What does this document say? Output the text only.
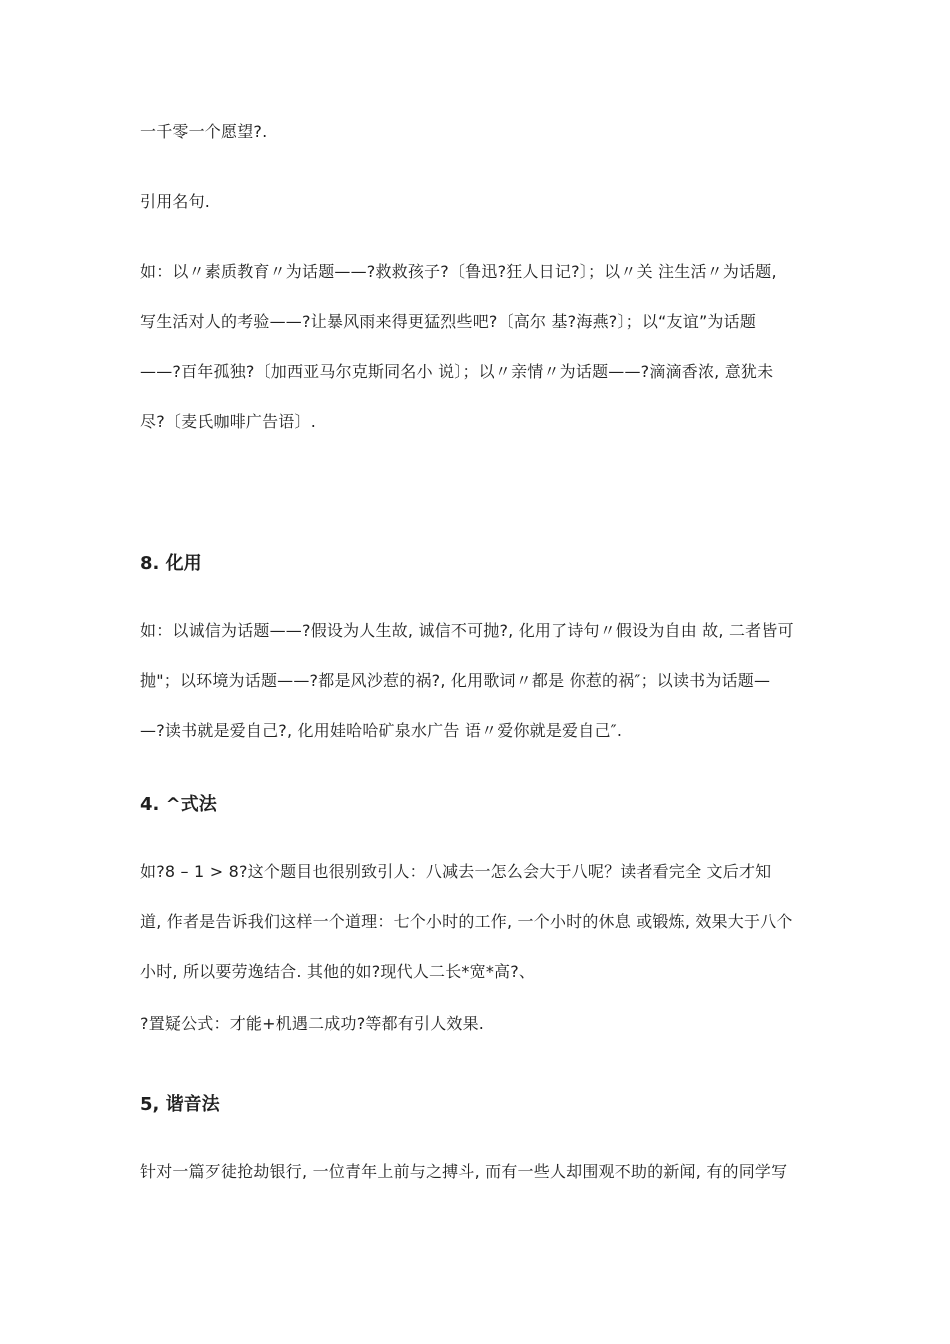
一千零一个愿望?.
引用名句.
如：以〃素质教育〃为话题——?救救孩子?〔鲁迅?狂人日记?〕；以〃关 注生活〃为话题,
写生活对人的考验——?让暴风雨来得更猛烈些吧?〔高尔 基?海燕?〕；以“友谊”为话题
——?百年孤独?〔加西亚马尔克斯同名小 说〕；以〃亲情〃为话题——?滴滴香浓, 意犹未
尽?〔麦氏咖啡广告语〕.
8. 化用
如：以诚信为话题——?假设为人生故, 诚信不可抛?, 化用了诗句〃假设为自由 故, 二者皆可
抛"；以环境为话题——?都是风沙惹的祸?, 化用歌词〃都是 你惹的祸″；以读书为话题—
—?读书就是爱自己?, 化用娃哈哈矿泉水广告 语〃爱你就是爱自己″.
4. ^式法
如?8 – 1 > 8?这个题目也很别致引人：八减去一怎么会大于八呢？读者看完全 文后才知
道, 作者是告诉我们这样一个道理：七个小时的工作, 一个小时的休息 或锻炼, 效果大于八个
小时, 所以要劳逸结合. 其他的如?现代人二长*宽*高?、
?置疑公式：才能+机遇二成功?等都有引人效果.
5, 谐音法
针对一篇歹徒抢劫银行, 一位青年上前与之搏斗, 而有一些人却围观不助的新闻, 有的同学写
